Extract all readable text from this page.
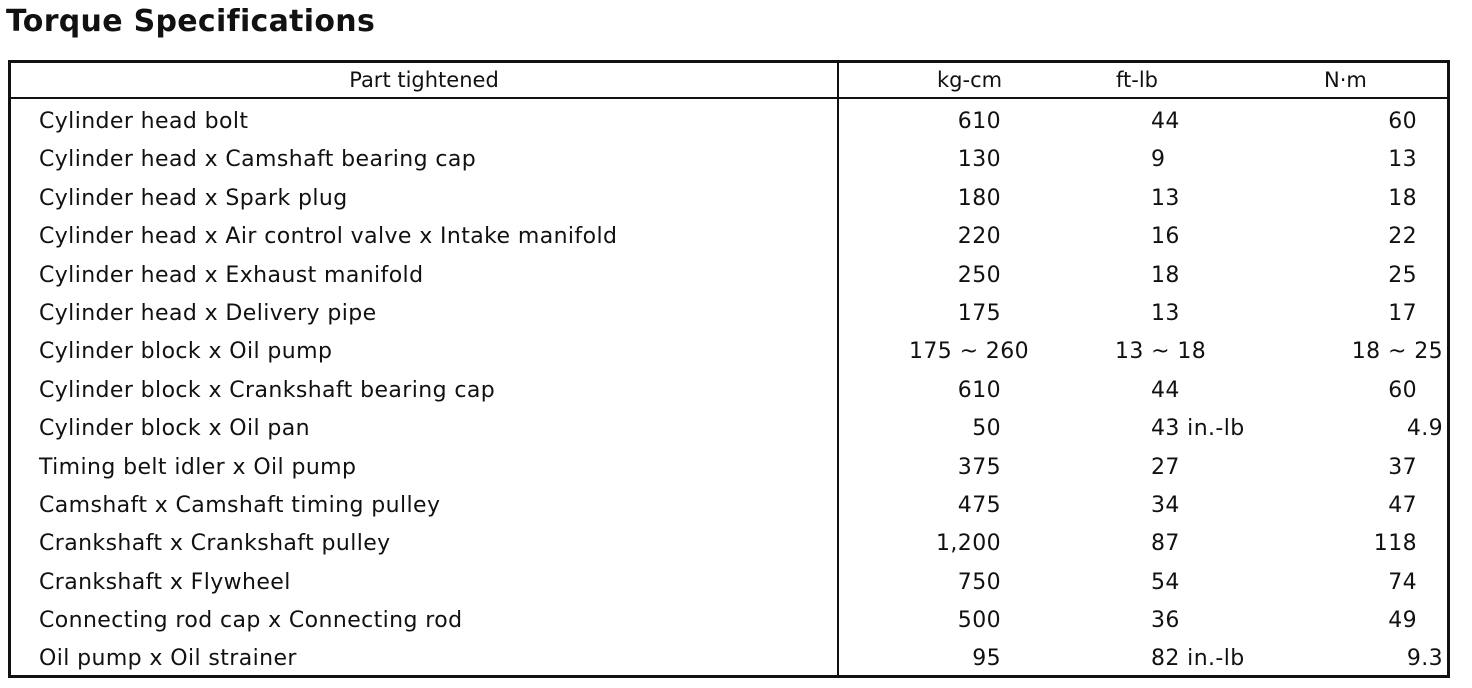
Torque Specifications
Part tightened	kg-cm	ft-lb	N·m
Cylinder head bolt	610	44	60
Cylinder head x Camshaft bearing cap	130	9	13
Cylinder head x Spark plug	180	13	18
Cylinder head x Air control valve x Intake manifold	220	16	22
Cylinder head x Exhaust manifold	250	18	25
Cylinder head x Delivery pipe	175	13	17
Cylinder block x Oil pump	175 ~ 260	13 ~ 18	18 ~ 25
Cylinder block x Crankshaft bearing cap	610	44	60
Cylinder block x Oil pan	50	43 in.-lb	4.9
Timing belt idler x Oil pump	375	27	37
Camshaft x Camshaft timing pulley	475	34	47
Crankshaft x Crankshaft pulley	1,200	87	118
Crankshaft x Flywheel	750	54	74
Connecting rod cap x Connecting rod	500	36	49
Oil pump x Oil strainer	95	82 in.-lb	9.3
